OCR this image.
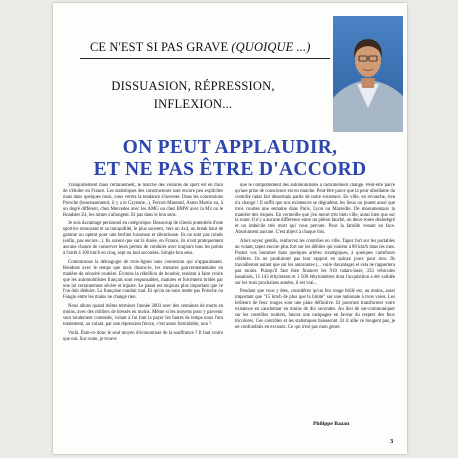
CE N'EST SI PAS GRAVE (QUOIQUE ...)

DISSUASION, RÉPRESSION,

INFLEXION...

ON PEUT APPLAUDIR,
ET NE PAS ÊTRE D'ACCORD

Tranquillement mais certainement, le marché des voitures de sport est en train de s'étioler en France. Les statistiques des constructeurs sont encore peu explicites mais dans quelques mois, vous verrez la tendance s'inverser. Dans les concessions Porsche (heureusement), il y a le Cayenne...), Ferrari-Maserati, Aston Martin ou, à un degré différent, chez Mercedes avec les AMG ou chez BMW avec la M3 ou le Roadster Z4, les mines s'allongent. Et pas dans le bon sens.

Je suis davantage personnel en catégorique. Beaucoup de clients potentiels d'une sportive renoncent et sa tranquillité, le plus souvent, vers un 4x4, un break haut de gamme ou optent pour une berline luxueuse et silencieuse. Ils ne sont pas ruinés (enfin, pas encore...). Ils savent que sur la durée, en France, ils n'ont pratiquement aucune chance de conserver leurs permis de conduire avec toujours tous les points à l'arrêt à 100 km/h en cinq, sept ou huit secondes. Simple bon sens.

Contournons la démagogie de trois-lignes sans connexion qui n'apparaissent. Rendons avec le temps que mais disons-le, les mesures gouvernementales en matière de sécurité routière. Évitons la rébellion de boudoir, tendant à faire croire que les automobilistes français sont responsables, matures et forcément bridés par une loi certainement sévère et injuste. Le passé est toujours plus important que ce l'on doit déduire. La française conduit mal. Et qu'on ne nous mette pas Porsche ou Fangio entre les mains ne change rien.

Nous allons quand même terminer l'année 2003 avec des centaines de morts en moins, avec des milliers de blessés en moins. Même si les moyens pour y parvenir sont totalement contestés, volant à l'ai font la payer les fautes de temps nous l'ont totalement, au volant, par une répression féroce, c'est assez formidable, non ?

Voilà. Était-ce donc le seul moyen d'économiser de la souffrance ? Il faut croire que oui. Sur route, je trouve

que le comportement des automobilistes a radicalement changé. Peut-être parce qu'une prise de conscience est en marche. Peut-être parce que la peur obsédante du contrôle radar fait désormais partie de notre existence. En ville, en revanche, rien n'a changé ! Il suffit que nos existences se dégradent, les lieux ou jouent aussi que trois courtes une semaine dans Paris, Lyon ou Marseille. De monumentaux la manière des risques. En vermeille que j'en meurt très bien ville, aussi bien que sur la route. Il n'y a aucune différence entre un piéton fauché, un deux-roues désintégré et un imbécile très mort qui vous percute. Pour la famille venant en face. Absolument aucune. C'est abject à chaque fois.

Alors soyez gentils, renforcez les contrôles en ville. Tapez fort sur les portables au volant, tapez encore plus fort sur les débiles qui roulent à 80 km/h dans les rues. Postez vos hommes dans quelques artères stratégiques, à quelques carrefours célèbres. Ils ne produiront pas leur rapport en quinze jours pour rien. Ils travailleront autant que sur les autoroutes (... voire davantage) et cela ne rapportera pas moins. Puisqu'il faut bien financer les 910 radars-laser, 333 véhicules banalisés, 15 143 éthylotests et 1 500 éthylomètres dont l'acquisition a été validée sur les trois prochaines années, il est vrai...

Pendant que vous y êtes, considérez qu'un feu rouge brûlé est, au moins, aussi important que "15 km/h de plus que la limite" sur une nationale à trois voies. Les brûleurs de feux rouges sont une plaie définitive. Et pourront transformer votre existence en cauchemar en moins de dix secondes. Au lieu de sur-communiquer sur les contrôles routiers, lancez une campagne en faveur du respect des feux tricolores. Ces contrôles et les statistiques baisseront. Et il allie ce bougent pas, je ne confondrais en excusez. Ce qui n'est pas mon genre.

Philippe Bazan
3
